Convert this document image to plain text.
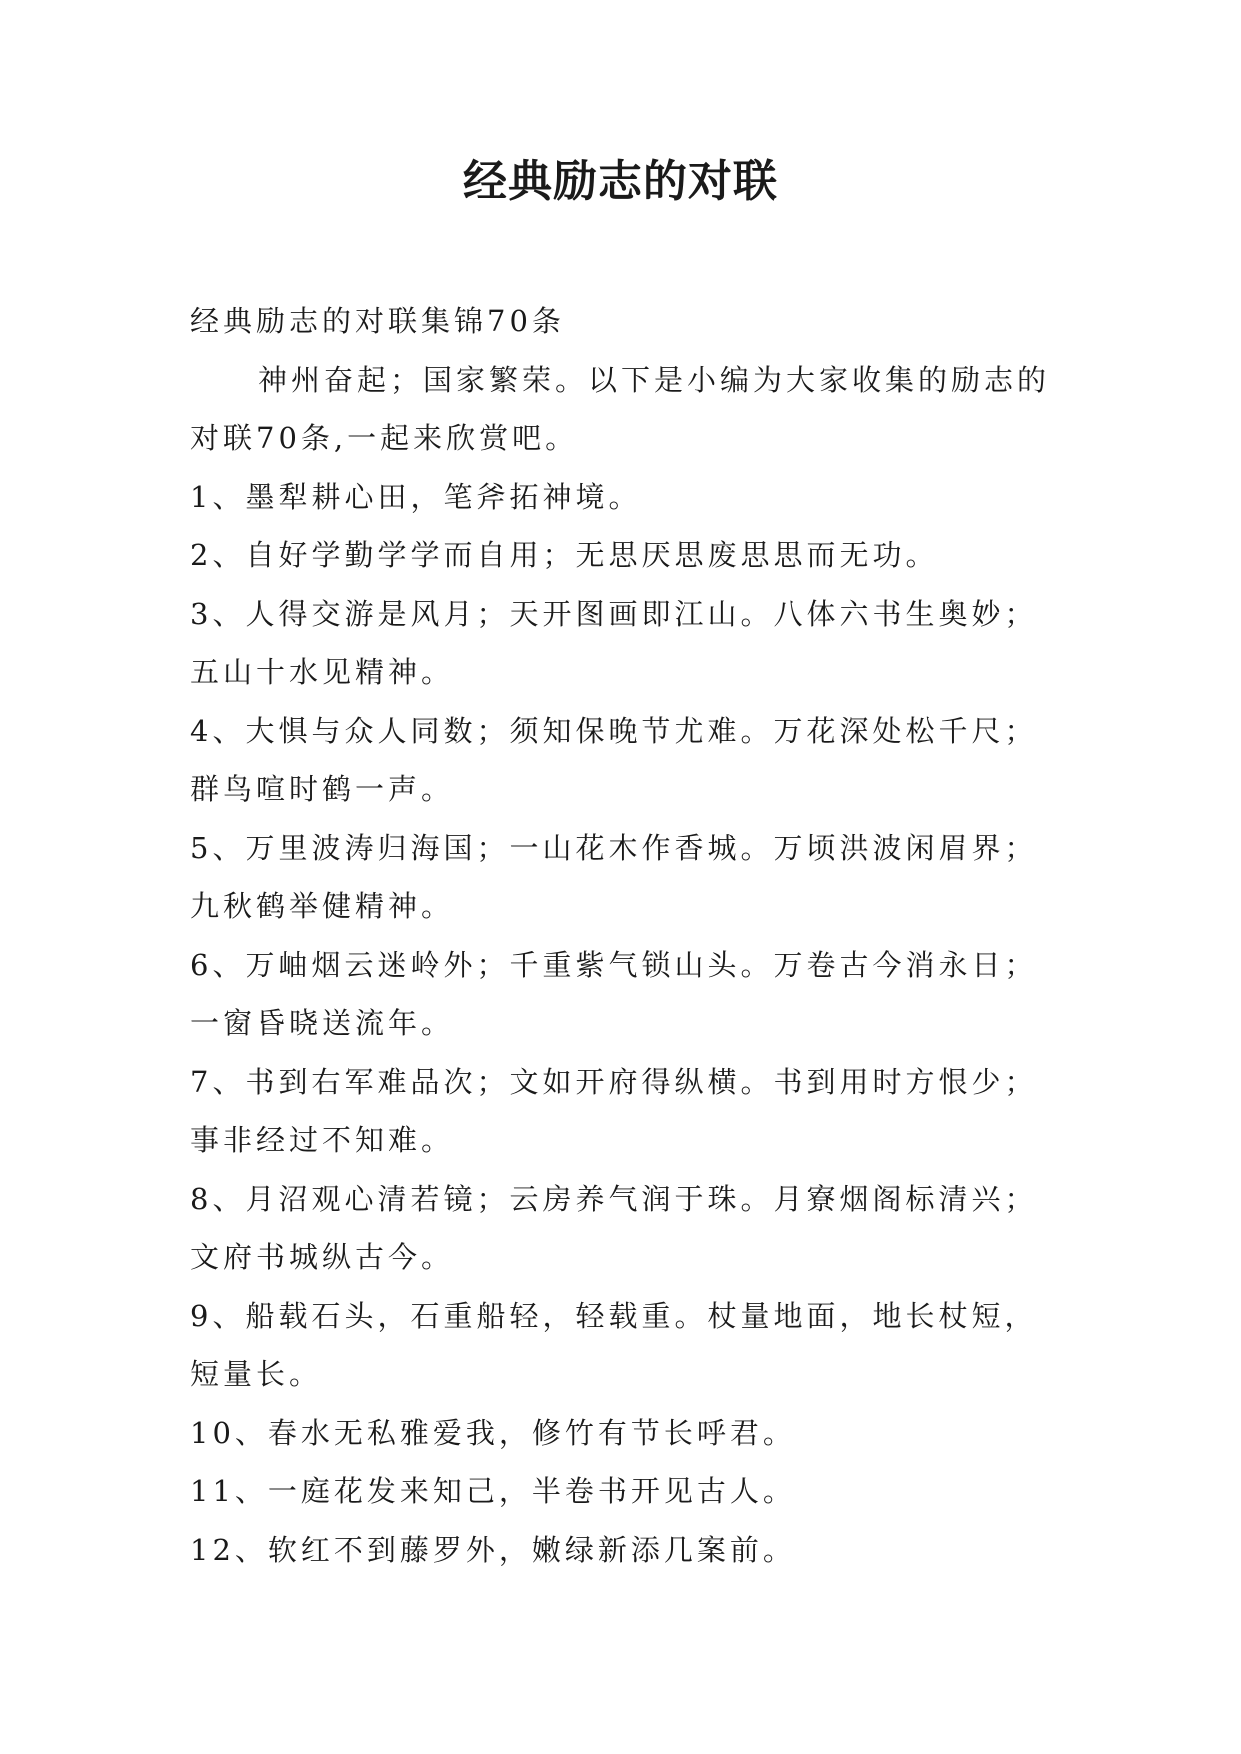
经典励志的对联
经典励志的对联集锦70条
神州奋起；国家繁荣。以下是小编为大家收集的励志的
对联70条,一起来欣赏吧。
1、墨犁耕心田，笔斧拓神境。
2、自好学勤学学而自用；无思厌思废思思而无功。
3、人得交游是风月；天开图画即江山。八体六书生奥妙；
五山十水见精神。
4、大惧与众人同数；须知保晚节尤难。万花深处松千尺；
群鸟喧时鹤一声。
5、万里波涛归海国；一山花木作香城。万顷洪波闲眉界；
九秋鹤举健精神。
6、万岫烟云迷岭外；千重紫气锁山头。万卷古今消永日；
一窗昏晓送流年。
7、书到右军难品次；文如开府得纵横。书到用时方恨少；
事非经过不知难。
8、月沼观心清若镜；云房养气润于珠。月寮烟阁标清兴；
文府书城纵古今。
9、船载石头，石重船轻，轻载重。杖量地面，地长杖短，
短量长。
10、春水无私雅爱我，修竹有节长呼君。
11、一庭花发来知己，半卷书开见古人。
12、软红不到藤罗外，嫩绿新添几案前。
